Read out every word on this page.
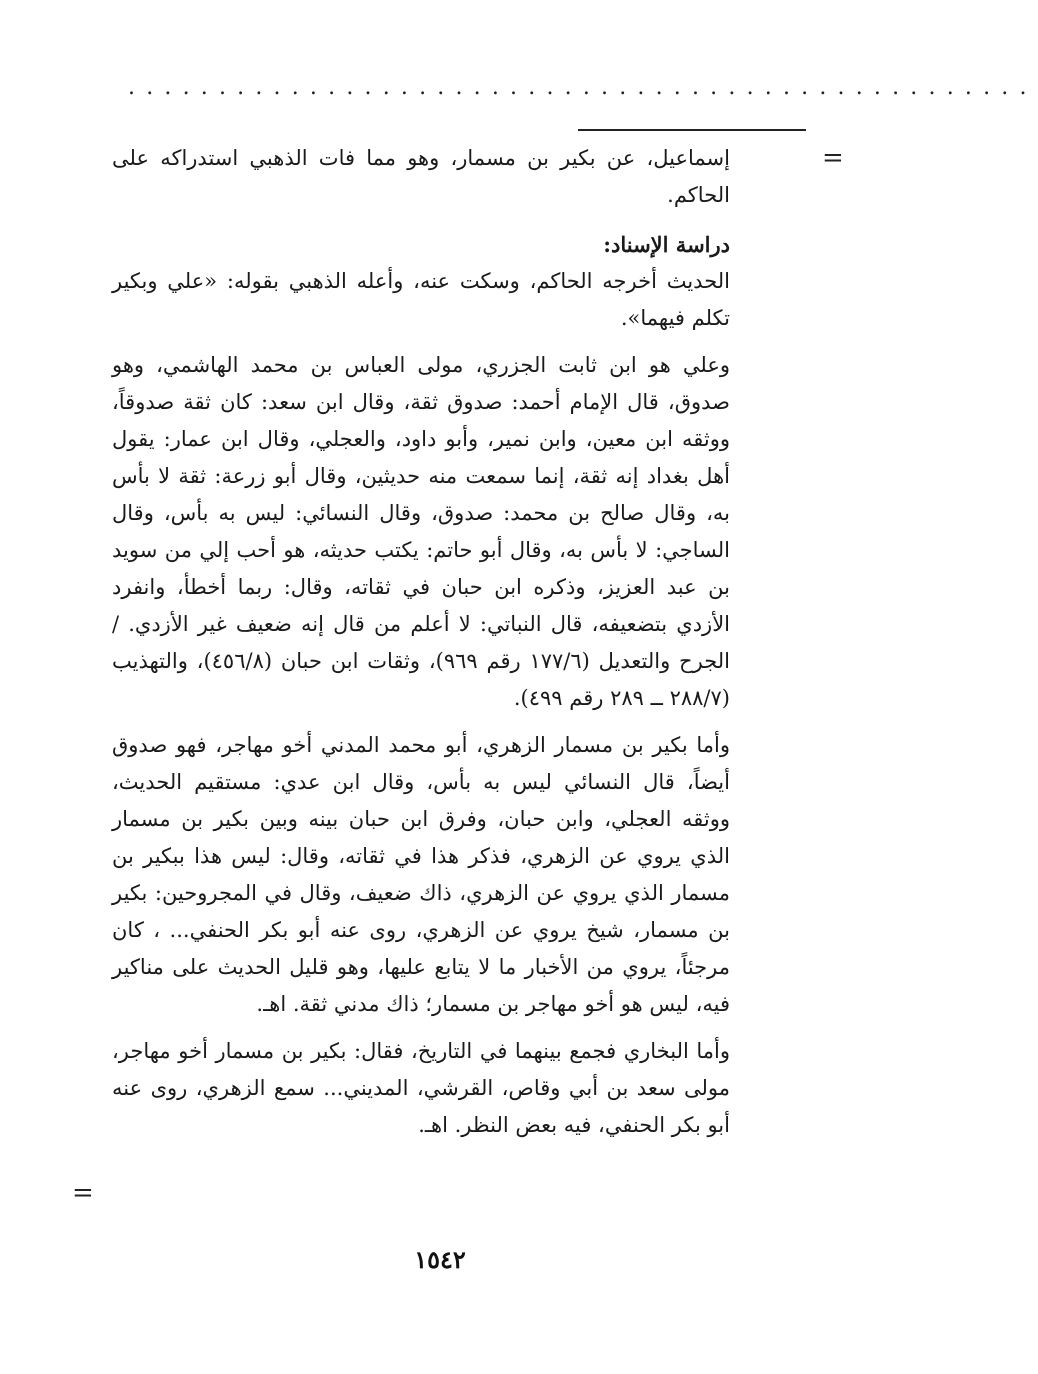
..................................................
=

إسماعيل، عن بكير بن مسمار، وهو مما فات الذهبي استدراكه على الحاكم.

دراسة الإسناد:

الحديث أخرجه الحاكم، وسكت عنه، وأعله الذهبي بقوله: «علي وبكير تكلم فيهما».

وعلي هو ابن ثابت الجزري، مولى العباس بن محمد الهاشمي، وهو صدوق، قال الإمام أحمد: صدوق ثقة، وقال ابن سعد: كان ثقة صدوقاً، ووثقه ابن معين، وابن نمير، وأبو داود، والعجلي، وقال ابن عمار: يقول أهل بغداد إنه ثقة، إنما سمعت منه حديثين، وقال أبو زرعة: ثقة لا بأس به، وقال صالح بن محمد: صدوق، وقال النسائي: ليس به بأس، وقال الساجي: لا بأس به، وقال أبو حاتم: يكتب حديثه، هو أحب إلي من سويد بن عبد العزيز، وذكره ابن حبان في ثقاته، وقال: ربما أخطأ، وانفرد الأزدي بتضعيفه، قال النباتي: لا أعلم من قال إنه ضعيف غير الأزدي. / الجرح والتعديل (١٧٧/٦ رقم ٩٦٩)، وثقات ابن حبان (٤٥٦/٨)، والتهذيب (٢٨٨/٧ ــ ٢٨٩ رقم ٤٩٩).

وأما بكير بن مسمار الزهري، أبو محمد المدني أخو مهاجر، فهو صدوق أيضاً، قال النسائي ليس به بأس، وقال ابن عدي: مستقيم الحديث، ووثقه العجلي، وابن حبان، وفرق ابن حبان بينه وبين بكير بن مسمار الذي يروي عن الزهري، فذكر هذا في ثقاته، وقال: ليس هذا ببكير بن مسمار الذي يروي عن الزهري، ذاك ضعيف، وقال في المجروحين: بكير بن مسمار، شيخ يروي عن الزهري، روى عنه أبو بكر الحنفي... ، كان مرجئاً، يروي من الأخبار ما لا يتابع عليها، وهو قليل الحديث على مناكير فيه، ليس هو أخو مهاجر بن مسمار؛ ذاك مدني ثقة. اهـ.

وأما البخاري فجمع بينهما في التاريخ، فقال: بكير بن مسمار أخو مهاجر، مولى سعد بن أبي وقاص، القرشي، المديني... سمع الزهري، روى عنه أبو بكر الحنفي، فيه بعض النظر. اهـ.

=
١٥٤٢
